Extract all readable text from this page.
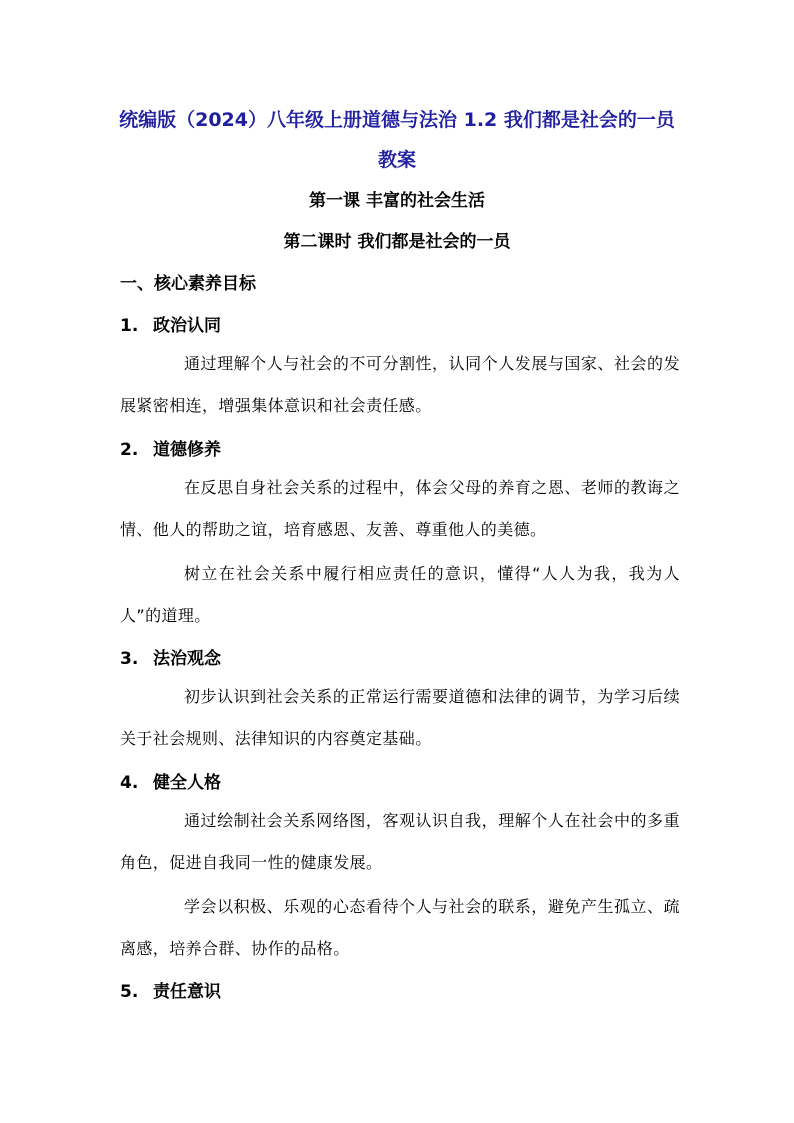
统编版（2024）八年级上册道德与法治 1.2 我们都是社会的一员
教案
第一课 丰富的社会生活
第二课时 我们都是社会的一员
一、核心素养目标
1. 政治认同
通过理解个人与社会的不可分割性，认同个人发展与国家、社会的发展紧密相连，增强集体意识和社会责任感。
2. 道德修养
在反思自身社会关系的过程中，体会父母的养育之恩、老师的教诲之情、他人的帮助之谊，培育感恩、友善、尊重他人的美德。
树立在社会关系中履行相应责任的意识，懂得“人人为我，我为人人”的道理。
3. 法治观念
初步认识到社会关系的正常运行需要道德和法律的调节，为学习后续关于社会规则、法律知识的内容奠定基础。
4. 健全人格
通过绘制社会关系网络图，客观认识自我，理解个人在社会中的多重角色，促进自我同一性的健康发展。
学会以积极、乐观的心态看待个人与社会的联系，避免产生孤立、疏离感，培养合群、协作的品格。
5. 责任意识
